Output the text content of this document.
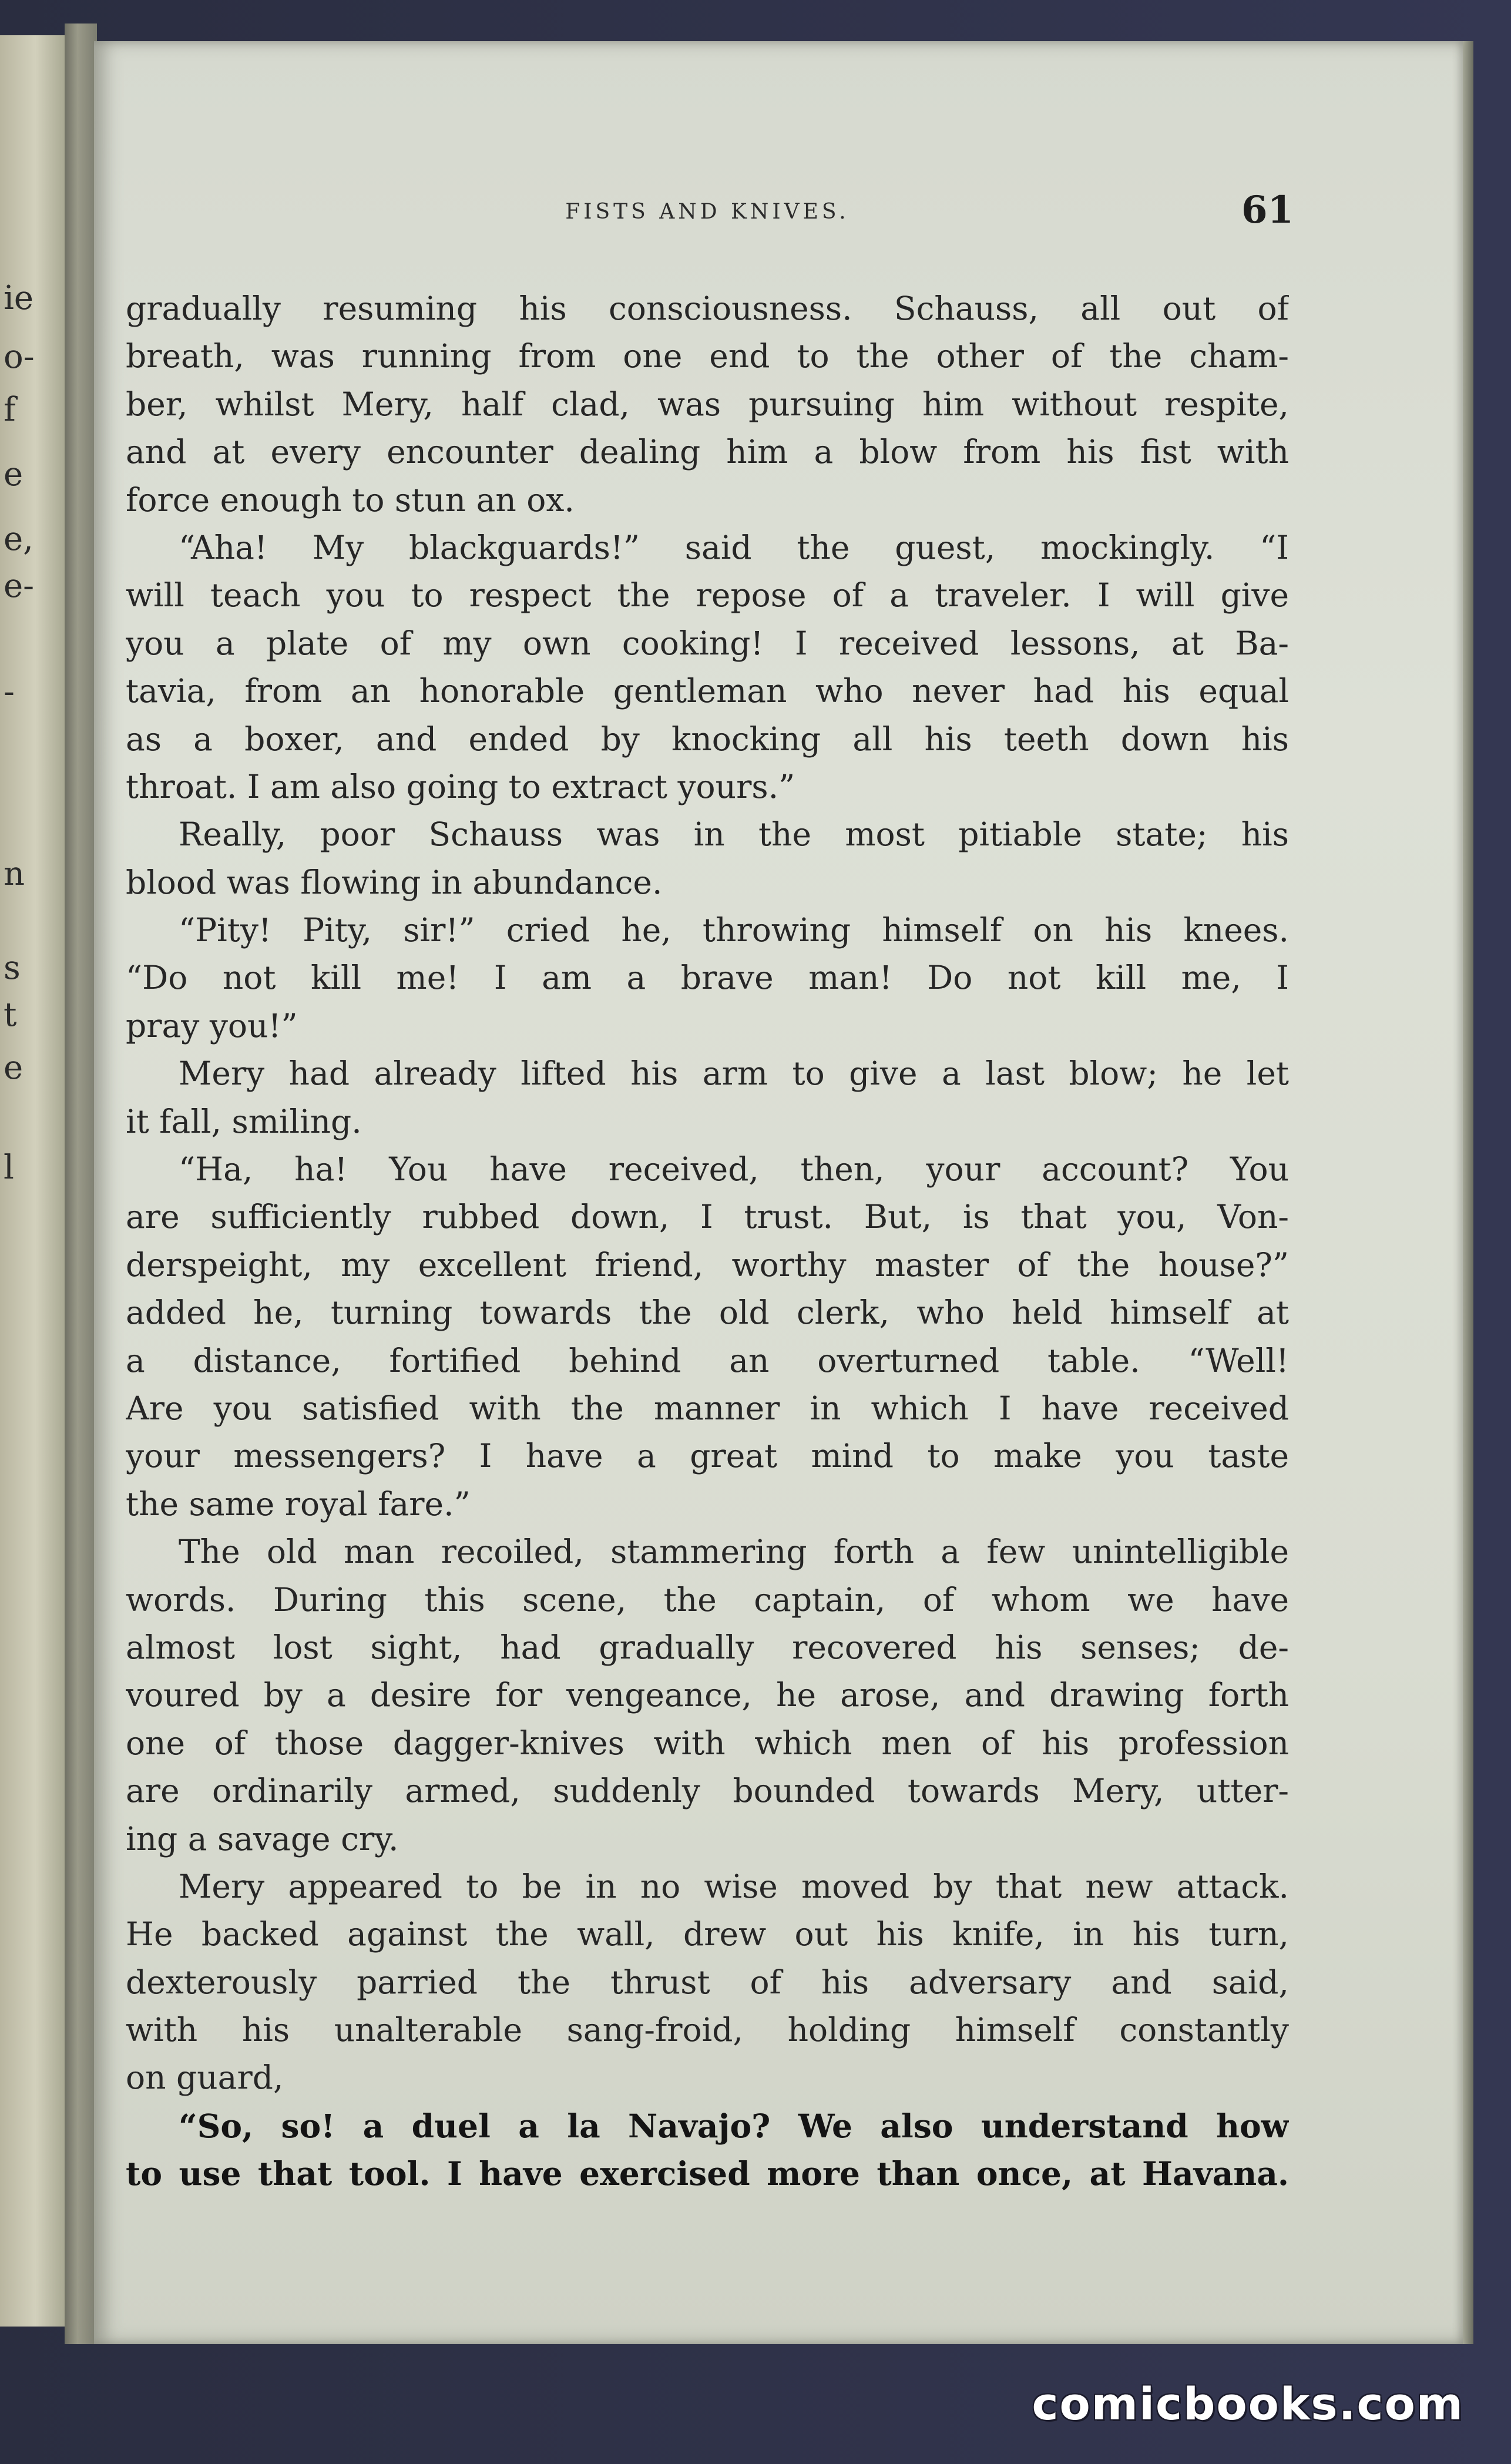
ie
o-
f
e
e,
e-
-
n
s
t
e
l
FISTS AND KNIVES.	61
gradually resuming his consciousness. Schauss, all out of
breath, was running from one end to the other of the cham-
ber, whilst Mery, half clad, was pursuing him without respite,
and at every encounter dealing him a blow from his fist with
force enough to stun an ox.
“Aha! My blackguards!” said the guest, mockingly. “I
will teach you to respect the repose of a traveler. I will give
you a plate of my own cooking! I received lessons, at Ba-
tavia, from an honorable gentleman who never had his equal
as a boxer, and ended by knocking all his teeth down his
throat. I am also going to extract yours.”
Really, poor Schauss was in the most pitiable state; his
blood was flowing in abundance.
“Pity! Pity, sir!” cried he, throwing himself on his knees.
“Do not kill me! I am a brave man! Do not kill me, I
pray you!”
Mery had already lifted his arm to give a last blow; he let
it fall, smiling.
“Ha, ha! You have received, then, your account? You
are sufficiently rubbed down, I trust. But, is that you, Von-
derspeight, my excellent friend, worthy master of the house?”
added he, turning towards the old clerk, who held himself at
a distance, fortified behind an overturned table. “Well!
Are you satisfied with the manner in which I have received
your messengers? I have a great mind to make you taste
the same royal fare.”
The old man recoiled, stammering forth a few unintelligible
words. During this scene, the captain, of whom we have
almost lost sight, had gradually recovered his senses; de-
voured by a desire for vengeance, he arose, and drawing forth
one of those dagger-knives with which men of his profession
are ordinarily armed, suddenly bounded towards Mery, utter-
ing a savage cry.
Mery appeared to be in no wise moved by that new attack.
He backed against the wall, drew out his knife, in his turn,
dexterously parried the thrust of his adversary and said,
with his unalterable sang-froid, holding himself constantly
on guard,
“So, so! a duel a la Navajo? We also understand how
to use that tool. I have exercised more than once, at Havana.
comicbooks.com
